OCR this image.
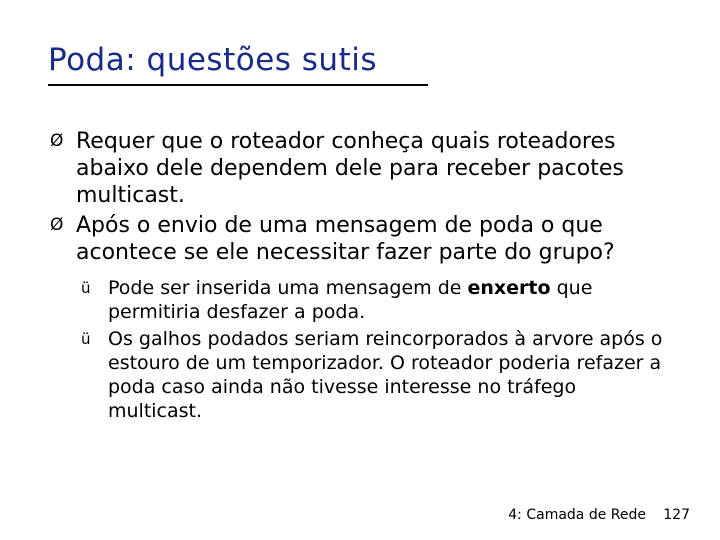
Poda: questões sutis
Ø Requer que o roteador conheça quais roteadores abaixo dele dependem dele para receber pacotes multicast.
Ø Após o envio de uma mensagem de poda o que acontece se ele necessitar fazer parte do grupo?
ü Pode ser inserida uma mensagem de enxerto que permitiria desfazer a poda.
ü Os galhos podados seriam reincorporados à arvore após o estouro de um temporizador. O roteador poderia refazer a poda caso ainda não tivesse interesse no tráfego multicast.
4: Camada de Rede 127
